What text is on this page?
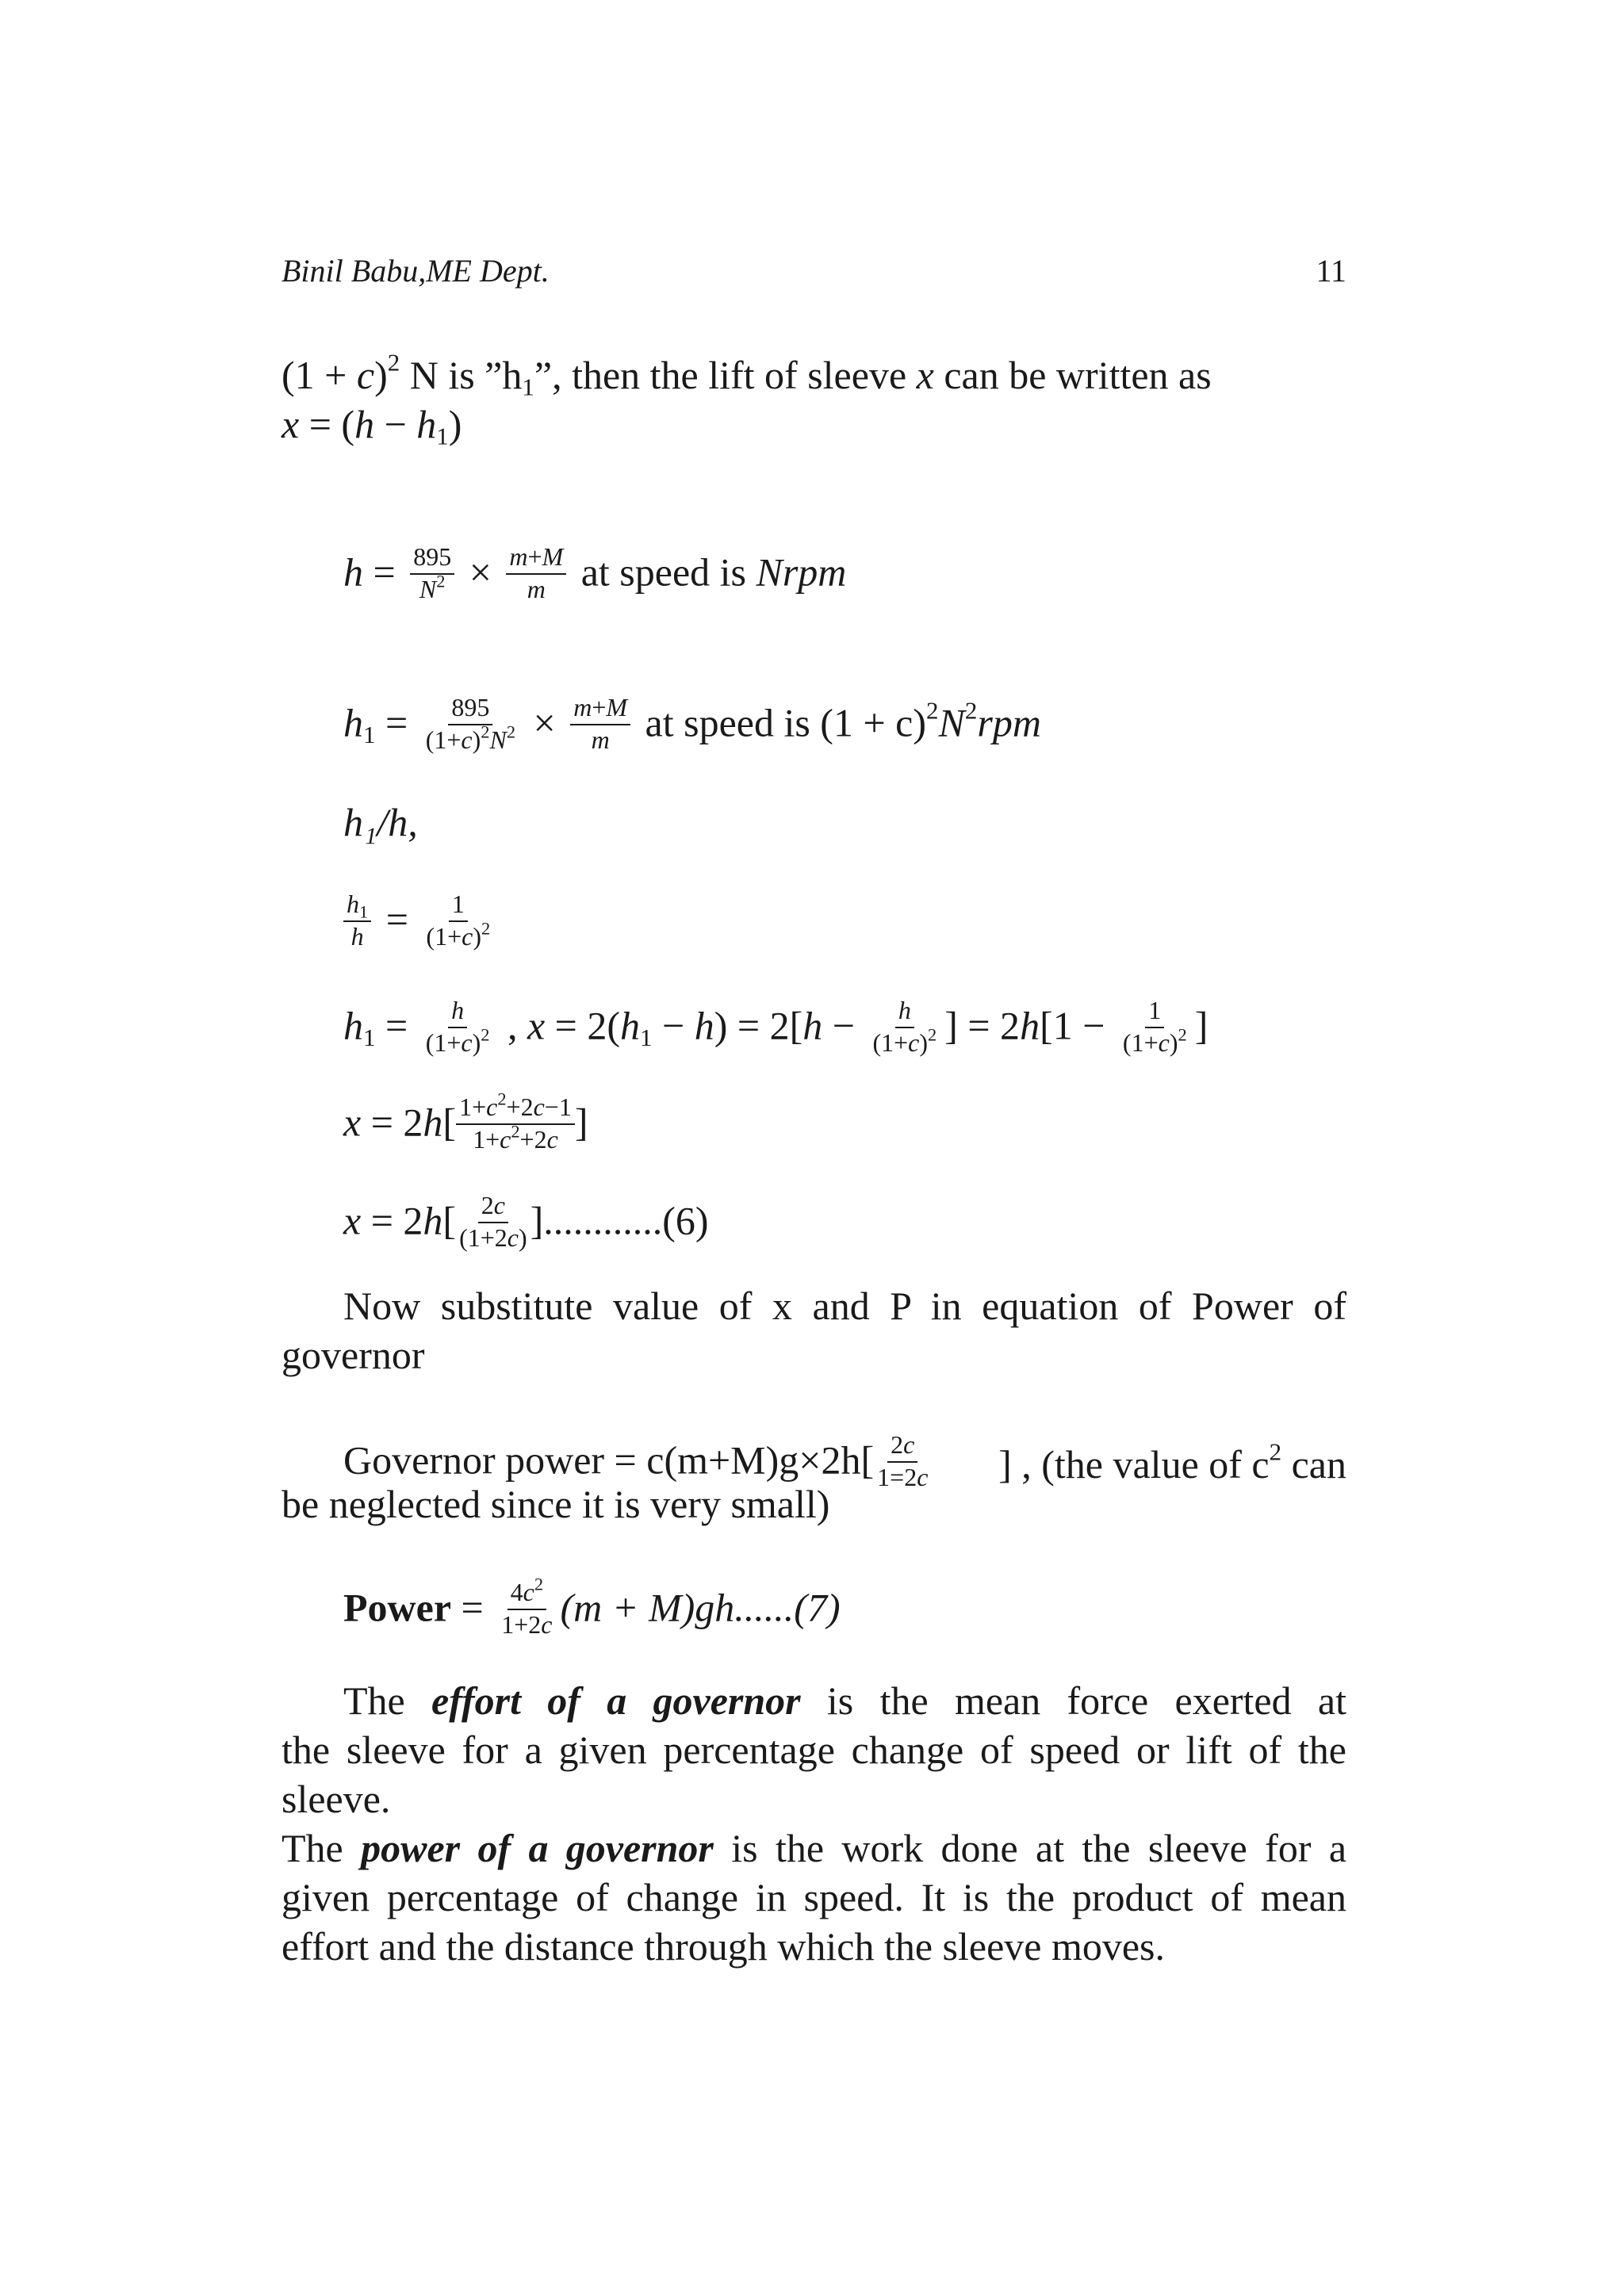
Binil Babu,ME Dept.	11
$(1 + c)^2$ N is $”h_1$”, then the lift of sleeve x can be written as
$x = (h - h_1)$
$h = \frac{895}{N^2} \times \frac{m+M}{m}$ at speed is Nrpm
$h_1 = \frac{895}{(1+c)^2N^2} \times \frac{m+M}{m}$ at speed is $(1 + c)^2N^2rpm$
h₁/h,
$\frac{h_1}{h} = \frac{1}{(1+c)^2}$
$h_1 = \frac{h}{(1+c)^2}$ , $x = 2(h_1 - h) = 2[h - \frac{h}{(1+c)^2}$ ] = $2h[1 - \frac{1}{(1+c)^2}$ ]
$x = 2h[ \frac{1+c^2+2c-1}{1+c^2+2c}$ ]
$x = 2h[ \frac{2c}{(1+2c)} ]............(6)$
Now substitute value of x and P in equation of Power of
governor
Governor power = $c(m+M)g\times 2h[ \frac{2c}{1=2c}$ ] , (the value of $c^2$ can
be neglected since it is very small)
Power = $\frac{4c^2}{1+2c} (m + M)gh......(7)$
The effort of a governor is the mean force exerted at
the sleeve for a given percentage change of speed or lift of the
sleeve.
The power of a governor is the work done at the sleeve for a
given percentage of change in speed. It is the product of mean
effort and the distance through which the sleeve moves.
